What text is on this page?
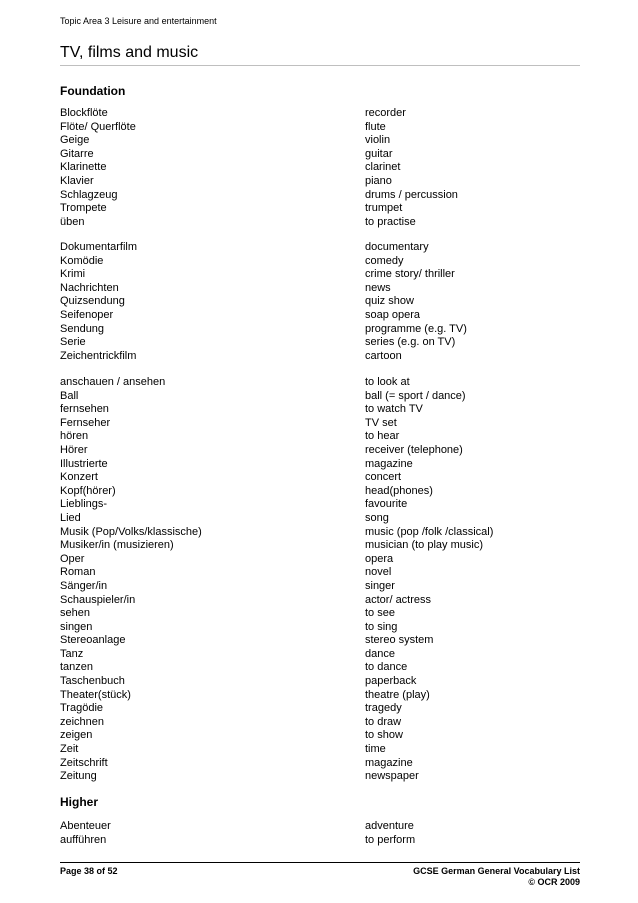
Topic Area 3 Leisure and entertainment
TV, films and music
Foundation
Blockflöte	recorder
Flöte/ Querflöte	flute
Geige	violin
Gitarre	guitar
Klarinette	clarinet
Klavier	piano
Schlagzeug	drums / percussion
Trompete	trumpet
üben	to practise
Dokumentarfilm	documentary
Komödie	comedy
Krimi	crime story/ thriller
Nachrichten	news
Quizsendung	quiz show
Seifenoper	soap opera
Sendung	programme (e.g. TV)
Serie	series (e.g. on TV)
Zeichentrickfilm	cartoon
anschauen / ansehen	to look at
Ball	ball (= sport / dance)
fernsehen	to watch TV
Fernseher	TV set
hören	to hear
Hörer	receiver (telephone)
Illustrierte	magazine
Konzert	concert
Kopf(hörer)	head(phones)
Lieblings-	favourite
Lied	song
Musik (Pop/Volks/klassische)	music (pop /folk /classical)
Musiker/in (musizieren)	musician (to play music)
Oper	opera
Roman	novel
Sänger/in	singer
Schauspieler/in	actor/ actress
sehen	to see
singen	to sing
Stereoanlage	stereo system
Tanz	dance
tanzen	to dance
Taschenbuch	paperback
Theater(stück)	theatre (play)
Tragödie	tragedy
zeichnen	to draw
zeigen	to show
Zeit	time
Zeitschrift	magazine
Zeitung	newspaper
Higher
Abenteuer	adventure
aufführen	to perform
Page 38 of 52	GCSE German General Vocabulary List
© OCR 2009
